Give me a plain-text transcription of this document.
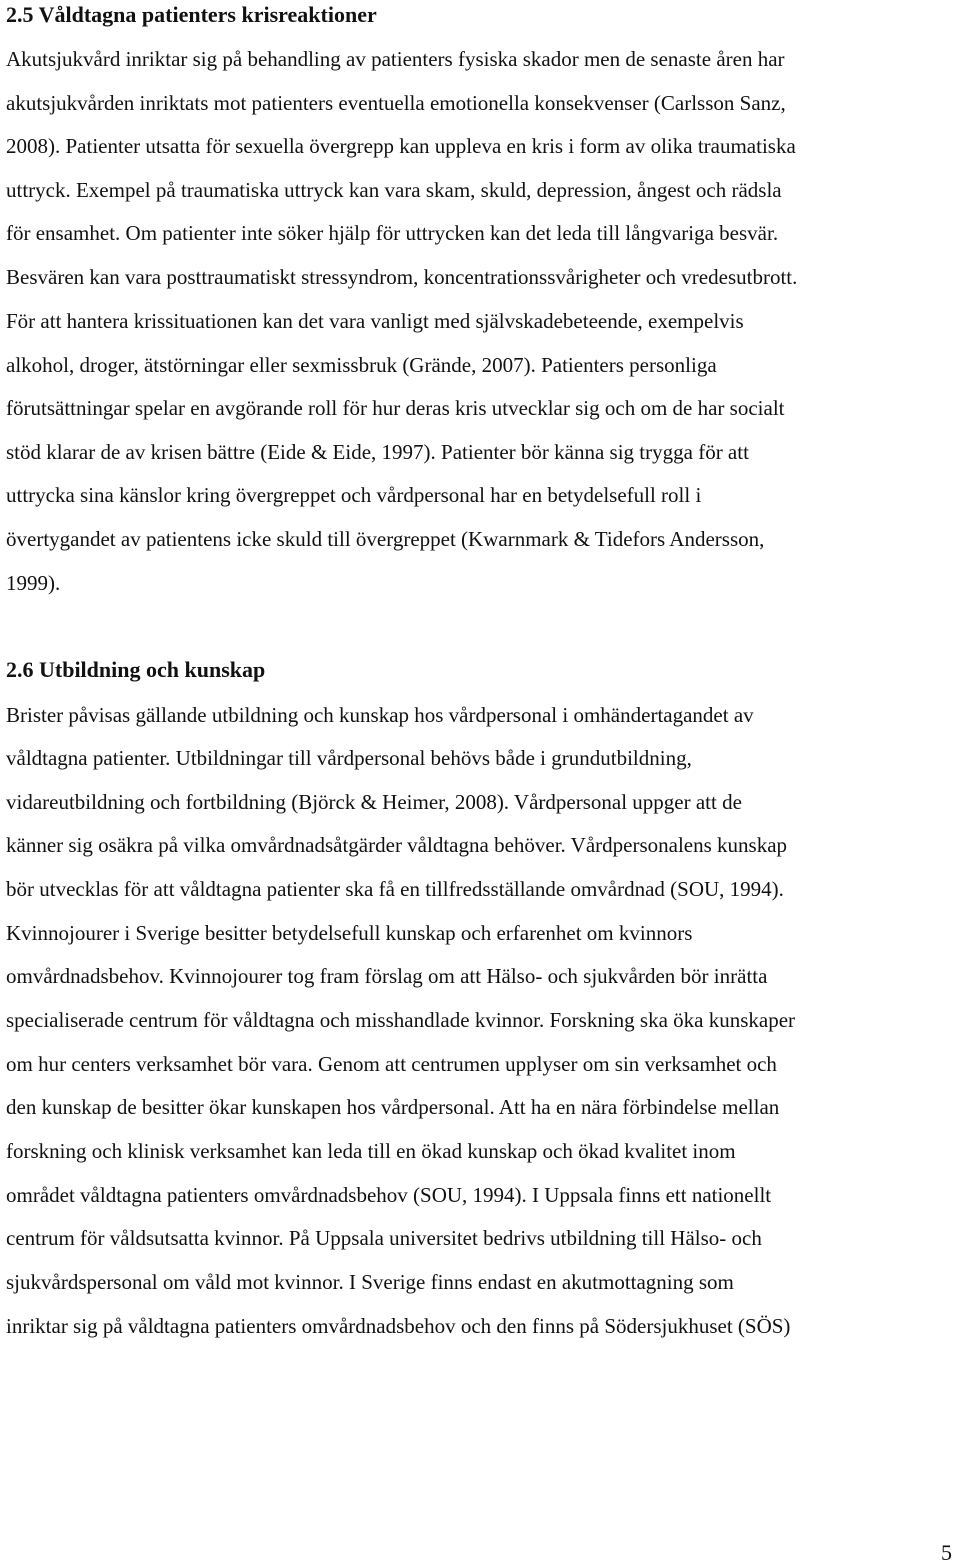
2.5 Våldtagna patienters krisreaktioner

Akutsjukvård inriktar sig på behandling av patienters fysiska skador men de senaste åren har

akutsjukvården inriktats mot patienters eventuella emotionella konsekvenser (Carlsson Sanz,

2008). Patienter utsatta för sexuella övergrepp kan uppleva en kris i form av olika traumatiska

uttryck. Exempel på traumatiska uttryck kan vara skam, skuld, depression, ångest och rädsla

för ensamhet. Om patienter inte söker hjälp för uttrycken kan det leda till långvariga besvär.

Besvären kan vara posttraumatiskt stressyndrom, koncentrationssvårigheter och vredesutbrott.

För att hantera krissituationen kan det vara vanligt med självskadebeteende, exempelvis

alkohol, droger, ätstörningar eller sexmissbruk (Grände, 2007). Patienters personliga

förutsättningar spelar en avgörande roll för hur deras kris utvecklar sig och om de har socialt

stöd klarar de av krisen bättre (Eide & Eide, 1997). Patienter bör känna sig trygga för att

uttrycka sina känslor kring övergreppet och vårdpersonal har en betydelsefull roll i

övertygandet av patientens icke skuld till övergreppet (Kwarnmark & Tidefors Andersson,

1999).

2.6 Utbildning och kunskap

Brister påvisas gällande utbildning och kunskap hos vårdpersonal i omhändertagandet av

våldtagna patienter. Utbildningar till vårdpersonal behövs både i grundutbildning,

vidareutbildning och fortbildning (Björck & Heimer, 2008). Vårdpersonal uppger att de

känner sig osäkra på vilka omvårdnadsåtgärder våldtagna behöver. Vårdpersonalens kunskap

bör utvecklas för att våldtagna patienter ska få en tillfredsställande omvårdnad (SOU, 1994).

Kvinnojourer i Sverige besitter betydelsefull kunskap och erfarenhet om kvinnors

omvårdnadsbehov. Kvinnojourer tog fram förslag om att Hälso- och sjukvården bör inrätta

specialiserade centrum för våldtagna och misshandlade kvinnor. Forskning ska öka kunskaper

om hur centers verksamhet bör vara. Genom att centrumen upplyser om sin verksamhet och

den kunskap de besitter ökar kunskapen hos vårdpersonal. Att ha en nära förbindelse mellan

forskning och klinisk verksamhet kan leda till en ökad kunskap och ökad kvalitet inom

området våldtagna patienters omvårdnadsbehov (SOU, 1994). I Uppsala finns ett nationellt

centrum för våldsutsatta kvinnor. På Uppsala universitet bedrivs utbildning till Hälso- och

sjukvårdspersonal om våld mot kvinnor. I Sverige finns endast en akutmottagning som

inriktar sig på våldtagna patienters omvårdnadsbehov och den finns på Södersjukhuset (SÖS)

5
